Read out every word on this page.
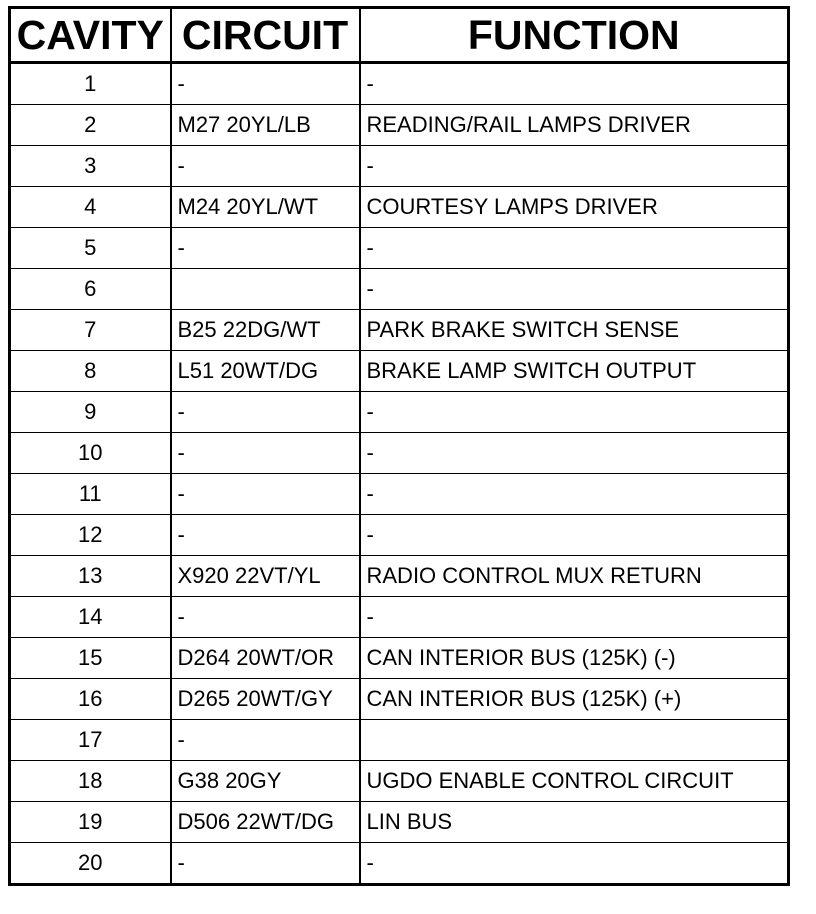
CAVITY	CIRCUIT	FUNCTION
1	-	-
2	M27 20YL/LB	READING/RAIL LAMPS DRIVER
3	-	-
4	M24 20YL/WT	COURTESY LAMPS DRIVER
5	-	-
6		-
7	B25 22DG/WT	PARK BRAKE SWITCH SENSE
8	L51 20WT/DG	BRAKE LAMP SWITCH OUTPUT
9	-	-
10	-	-
11	-	-
12	-	-
13	X920 22VT/YL	RADIO CONTROL MUX RETURN
14	-	-
15	D264 20WT/OR	CAN INTERIOR BUS (125K) (-)
16	D265 20WT/GY	CAN INTERIOR BUS (125K) (+)
17	-	
18	G38 20GY	UGDO ENABLE CONTROL CIRCUIT
19	D506 22WT/DG	LIN BUS
20	-	-
